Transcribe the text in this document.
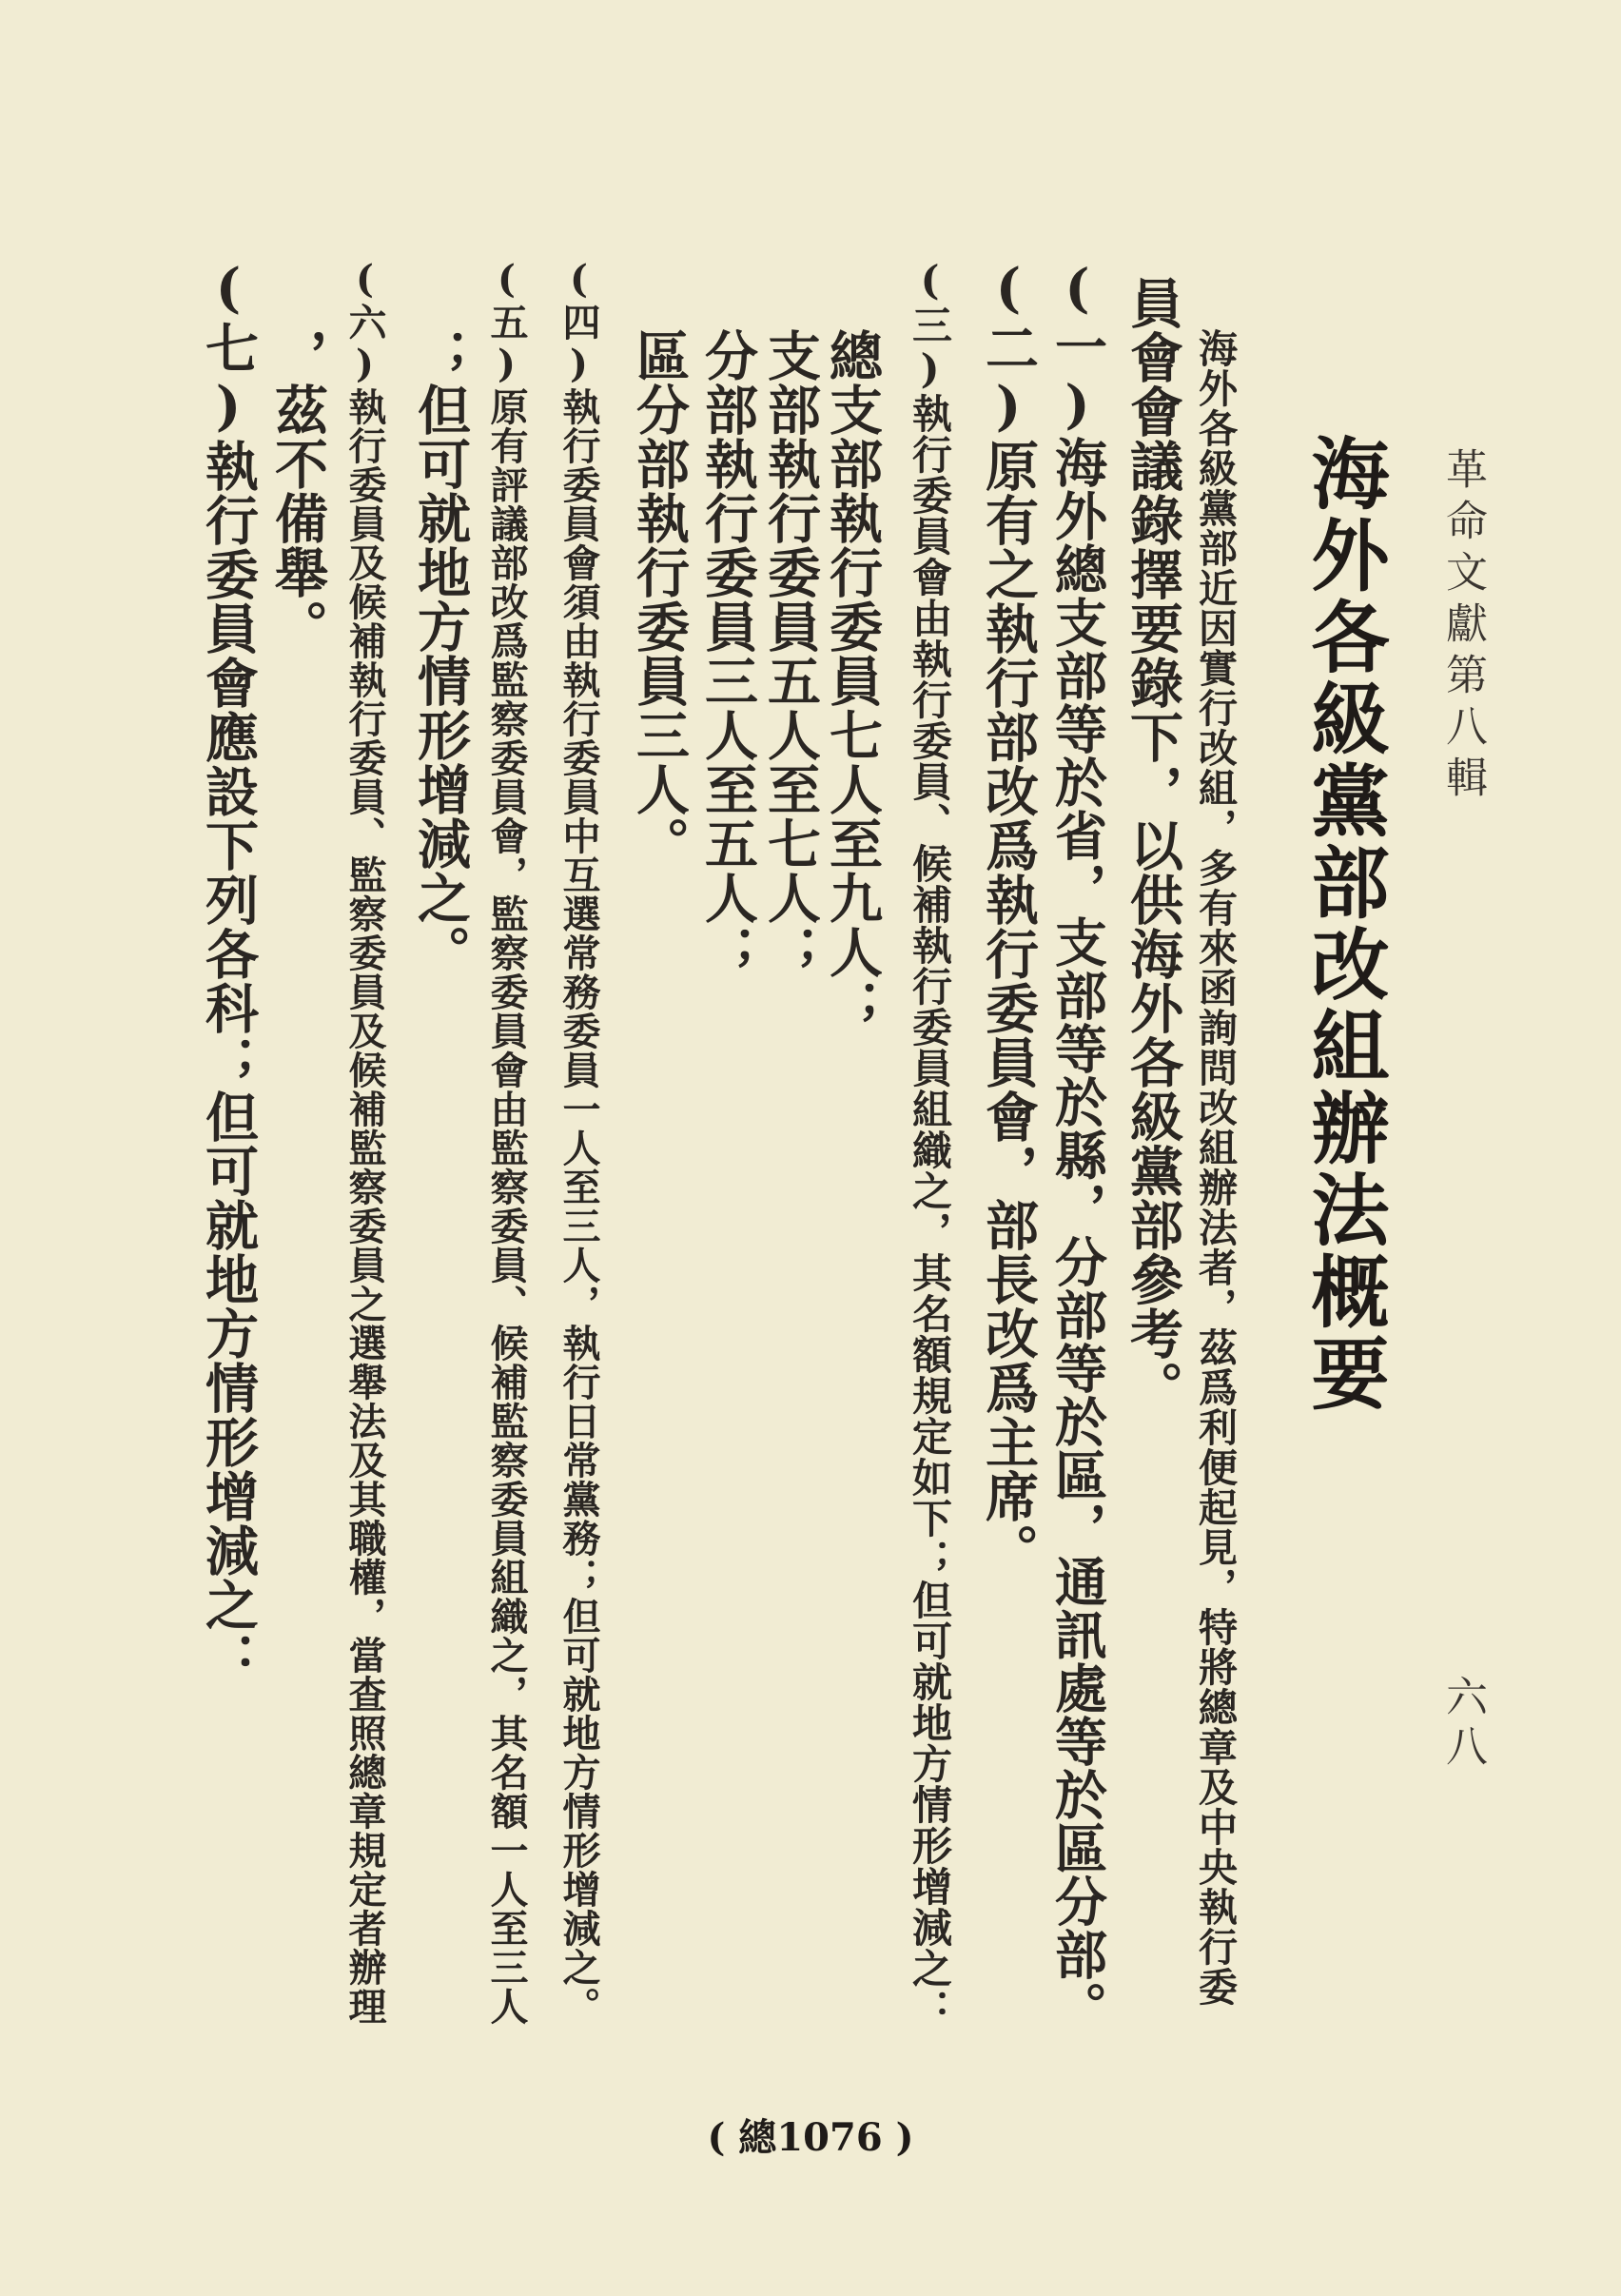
革命文獻第八輯
六八
海外各級黨部改組辦法概要
海外各級黨部近因實行改組，多有來函詢問改組辦法者，茲爲利便起見，特將總章及中央執行委
員會會議錄擇要錄下，以供海外各級黨部參考。
(一)海外總支部等於省，支部等於縣，分部等於區，通訊處等於區分部。
(二)原有之執行部改爲執行委員會，部長改爲主席。
(三)執行委員會由執行委員、候補執行委員組織之，其名額規定如下；但可就地方情形增減之：
總支部執行委員七人至九人；
支部執行委員五人至七人；
分部執行委員三人至五人；
區分部執行委員三人。
(四)執行委員會須由執行委員中互選常務委員一人至三人，執行日常黨務；但可就地方情形增減之。
(五)原有評議部改爲監察委員會，監察委員會由監察委員、候補監察委員組織之，其名額一人至三人
；但可就地方情形增減之。
(六)執行委員及候補執行委員、監察委員及候補監察委員之選舉法及其職權，當查照總章規定者辦理
，茲不備舉。
(七)執行委員會應設下列各科；但可就地方情形增減之：
( 總1076 )
